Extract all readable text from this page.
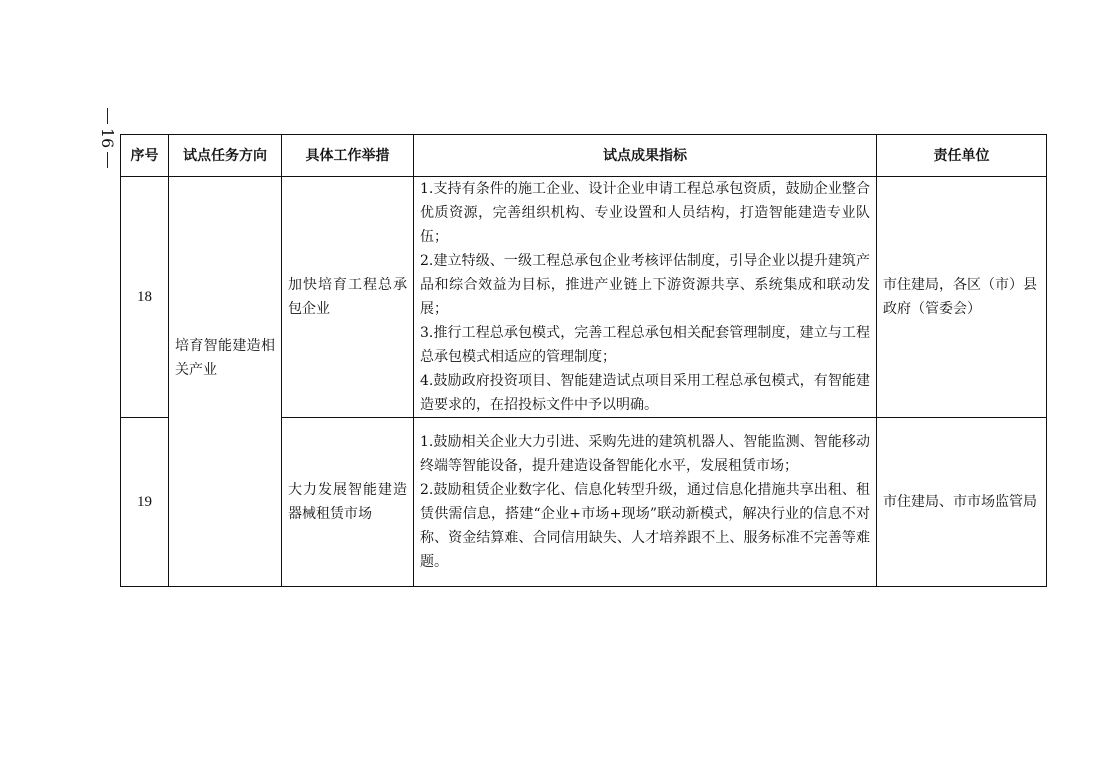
16
序号	试点任务方向	具体工作举措	试点成果指标	责任单位
18	培育智能建造相关产业	加快培育工程总承包企业	1.支持有条件的施工企业、设计企业申请工程总承包资质，鼓励企业整合优质资源，完善组织机构、专业设置和人员结构，打造智能建造专业队伍；
2.建立特级、一级工程总承包企业考核评估制度，引导企业以提升建筑产品和综合效益为目标，推进产业链上下游资源共享、系统集成和联动发展；
3.推行工程总承包模式，完善工程总承包相关配套管理制度，建立与工程总承包模式相适应的管理制度；
4.鼓励政府投资项目、智能建造试点项目采用工程总承包模式，有智能建造要求的，在招投标文件中予以明确。	市住建局，各区（市）县政府（管委会）
19		大力发展智能建造器械租赁市场	1.鼓励相关企业大力引进、采购先进的建筑机器人、智能监测、智能移动终端等智能设备，提升建造设备智能化水平，发展租赁市场；
2.鼓励租赁企业数字化、信息化转型升级，通过信息化措施共享出租、租赁供需信息，搭建“企业+市场+现场”联动新模式，解决行业的信息不对称、资金结算难、合同信用缺失、人才培养跟不上、服务标准不完善等难题。	市住建局、市市场监管局
